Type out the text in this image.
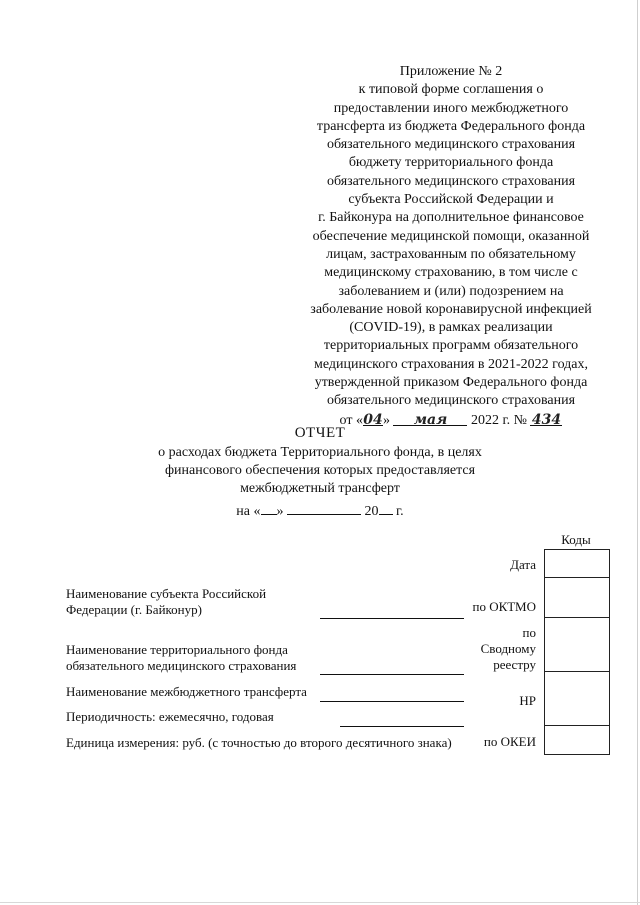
Приложение № 2
к типовой форме соглашения о
предоставлении иного межбюджетного
трансферта из бюджета Федерального фонда
обязательного медицинского страхования
бюджету территориального фонда
обязательного медицинского страхования
субъекта Российской Федерации и
г. Байконура на дополнительное финансовое
обеспечение медицинской помощи, оказанной
лицам, застрахованным по обязательному
медицинскому страхованию, в том числе с
заболеванием и (или) подозрением на
заболевание новой коронавирусной инфекцией
(COVID-19), в рамках реализации
территориальных программ обязательного
медицинского страхования в 2021-2022 годах,
утвержденной приказом Федерального фонда
обязательного медицинского страхования
от «04» мая 2022 г. № 434
ОТЧЕТ
о расходах бюджета Территориального фонда, в целях
финансового обеспечения которых предоставляется
межбюджетный трансферт
на « »	20 г.
Коды
Дата
по ОКТМО
по
Сводному
реестру
НР
по ОКЕИ
Наименование субъекта Российской
Федерации (г. Байконур)
Наименование территориального фонда
обязательного медицинского страхования
Наименование межбюджетного трансферта
Периодичность: ежемесячно, годовая
Единица измерения: руб. (с точностью до второго десятичного знака)
